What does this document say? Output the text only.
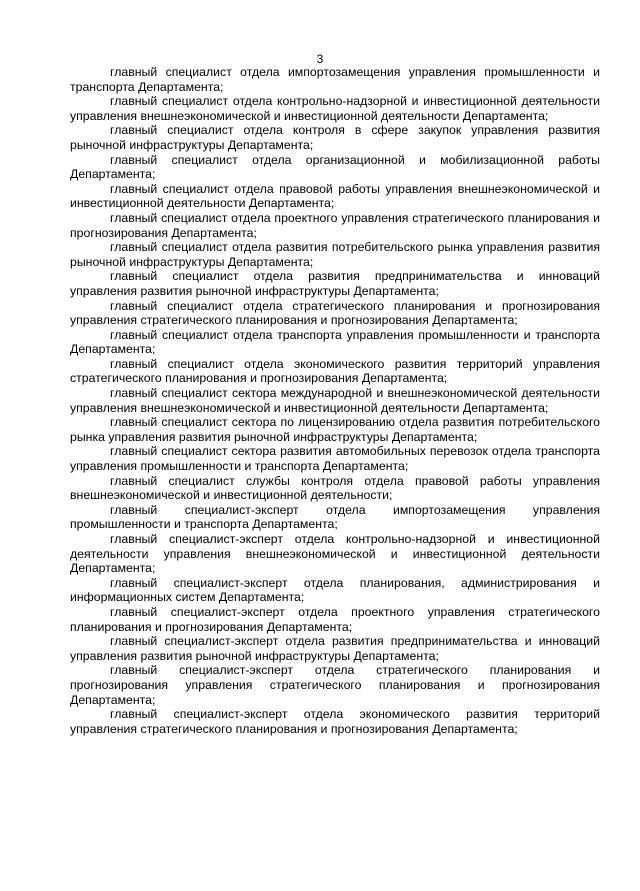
3

главный специалист отдела импортозамещения управления промышленности и транспорта Департамента;

главный специалист отдела контрольно-надзорной и инвестиционной деятельности управления внешнеэкономической и инвестиционной деятельности Департамента;

главный специалист отдела контроля в сфере закупок управления развития рыночной инфраструктуры Департамента;

главный специалист отдела организационной и мобилизационной работы Департамента;

главный специалист отдела правовой работы управления внешнеэкономической и инвестиционной деятельности Департамента;

главный специалист отдела проектного управления стратегического планирования и прогнозирования Департамента;

главный специалист отдела развития потребительского рынка управления развития рыночной инфраструктуры Департамента;

главный специалист отдела развития предпринимательства и инноваций управления развития рыночной инфраструктуры Департамента;

главный специалист отдела стратегического планирования и прогнозирования управления стратегического планирования и прогнозирования Департамента;

главный специалист отдела транспорта управления промышленности и транспорта Департамента;

главный специалист отдела экономического развития территорий управления стратегического планирования и прогнозирования Департамента;

главный специалист сектора международной и внешнеэкономической деятельности управления внешнеэкономической и инвестиционной деятельности Департамента;

главный специалист сектора по лицензированию отдела развития потребительского рынка управления развития рыночной инфраструктуры Департамента;

главный специалист сектора развития автомобильных перевозок отдела транспорта управления промышленности и транспорта Департамента;

главный специалист службы контроля отдела правовой работы управления внешнеэкономической и инвестиционной деятельности;

главный специалист-эксперт отдела импортозамещения управления промышленности и транспорта Департамента;

главный специалист-эксперт отдела контрольно-надзорной и инвестиционной деятельности управления внешнеэкономической и инвестиционной деятельности Департамента;

главный специалист-эксперт отдела планирования, администрирования и информационных систем Департамента;

главный специалист-эксперт отдела проектного управления стратегического планирования и прогнозирования Департамента;

главный специалист-эксперт отдела развития предпринимательства и инноваций управления развития рыночной инфраструктуры Департамента;

главный специалист-эксперт отдела стратегического планирования и прогнозирования управления стратегического планирования и прогнозирования Департамента;

главный специалист-эксперт отдела экономического развития территорий управления стратегического планирования и прогнозирования Департамента;
